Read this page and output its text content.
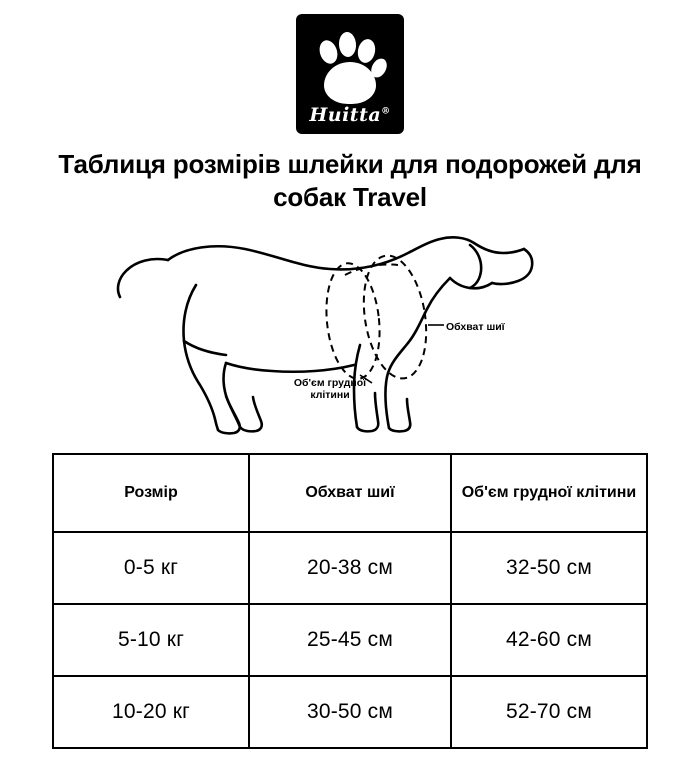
Huitta®
Таблиця розмірів шлейки для подорожей для собак Travel
Обхват шиї
Об'єм грудної клітини
Розмір	Обхват шиї	Об'єм грудної клітини
0-5 кг	20-38 см	32-50 см
5-10 кг	25-45 см	42-60 см
10-20 кг	30-50 см	52-70 см
